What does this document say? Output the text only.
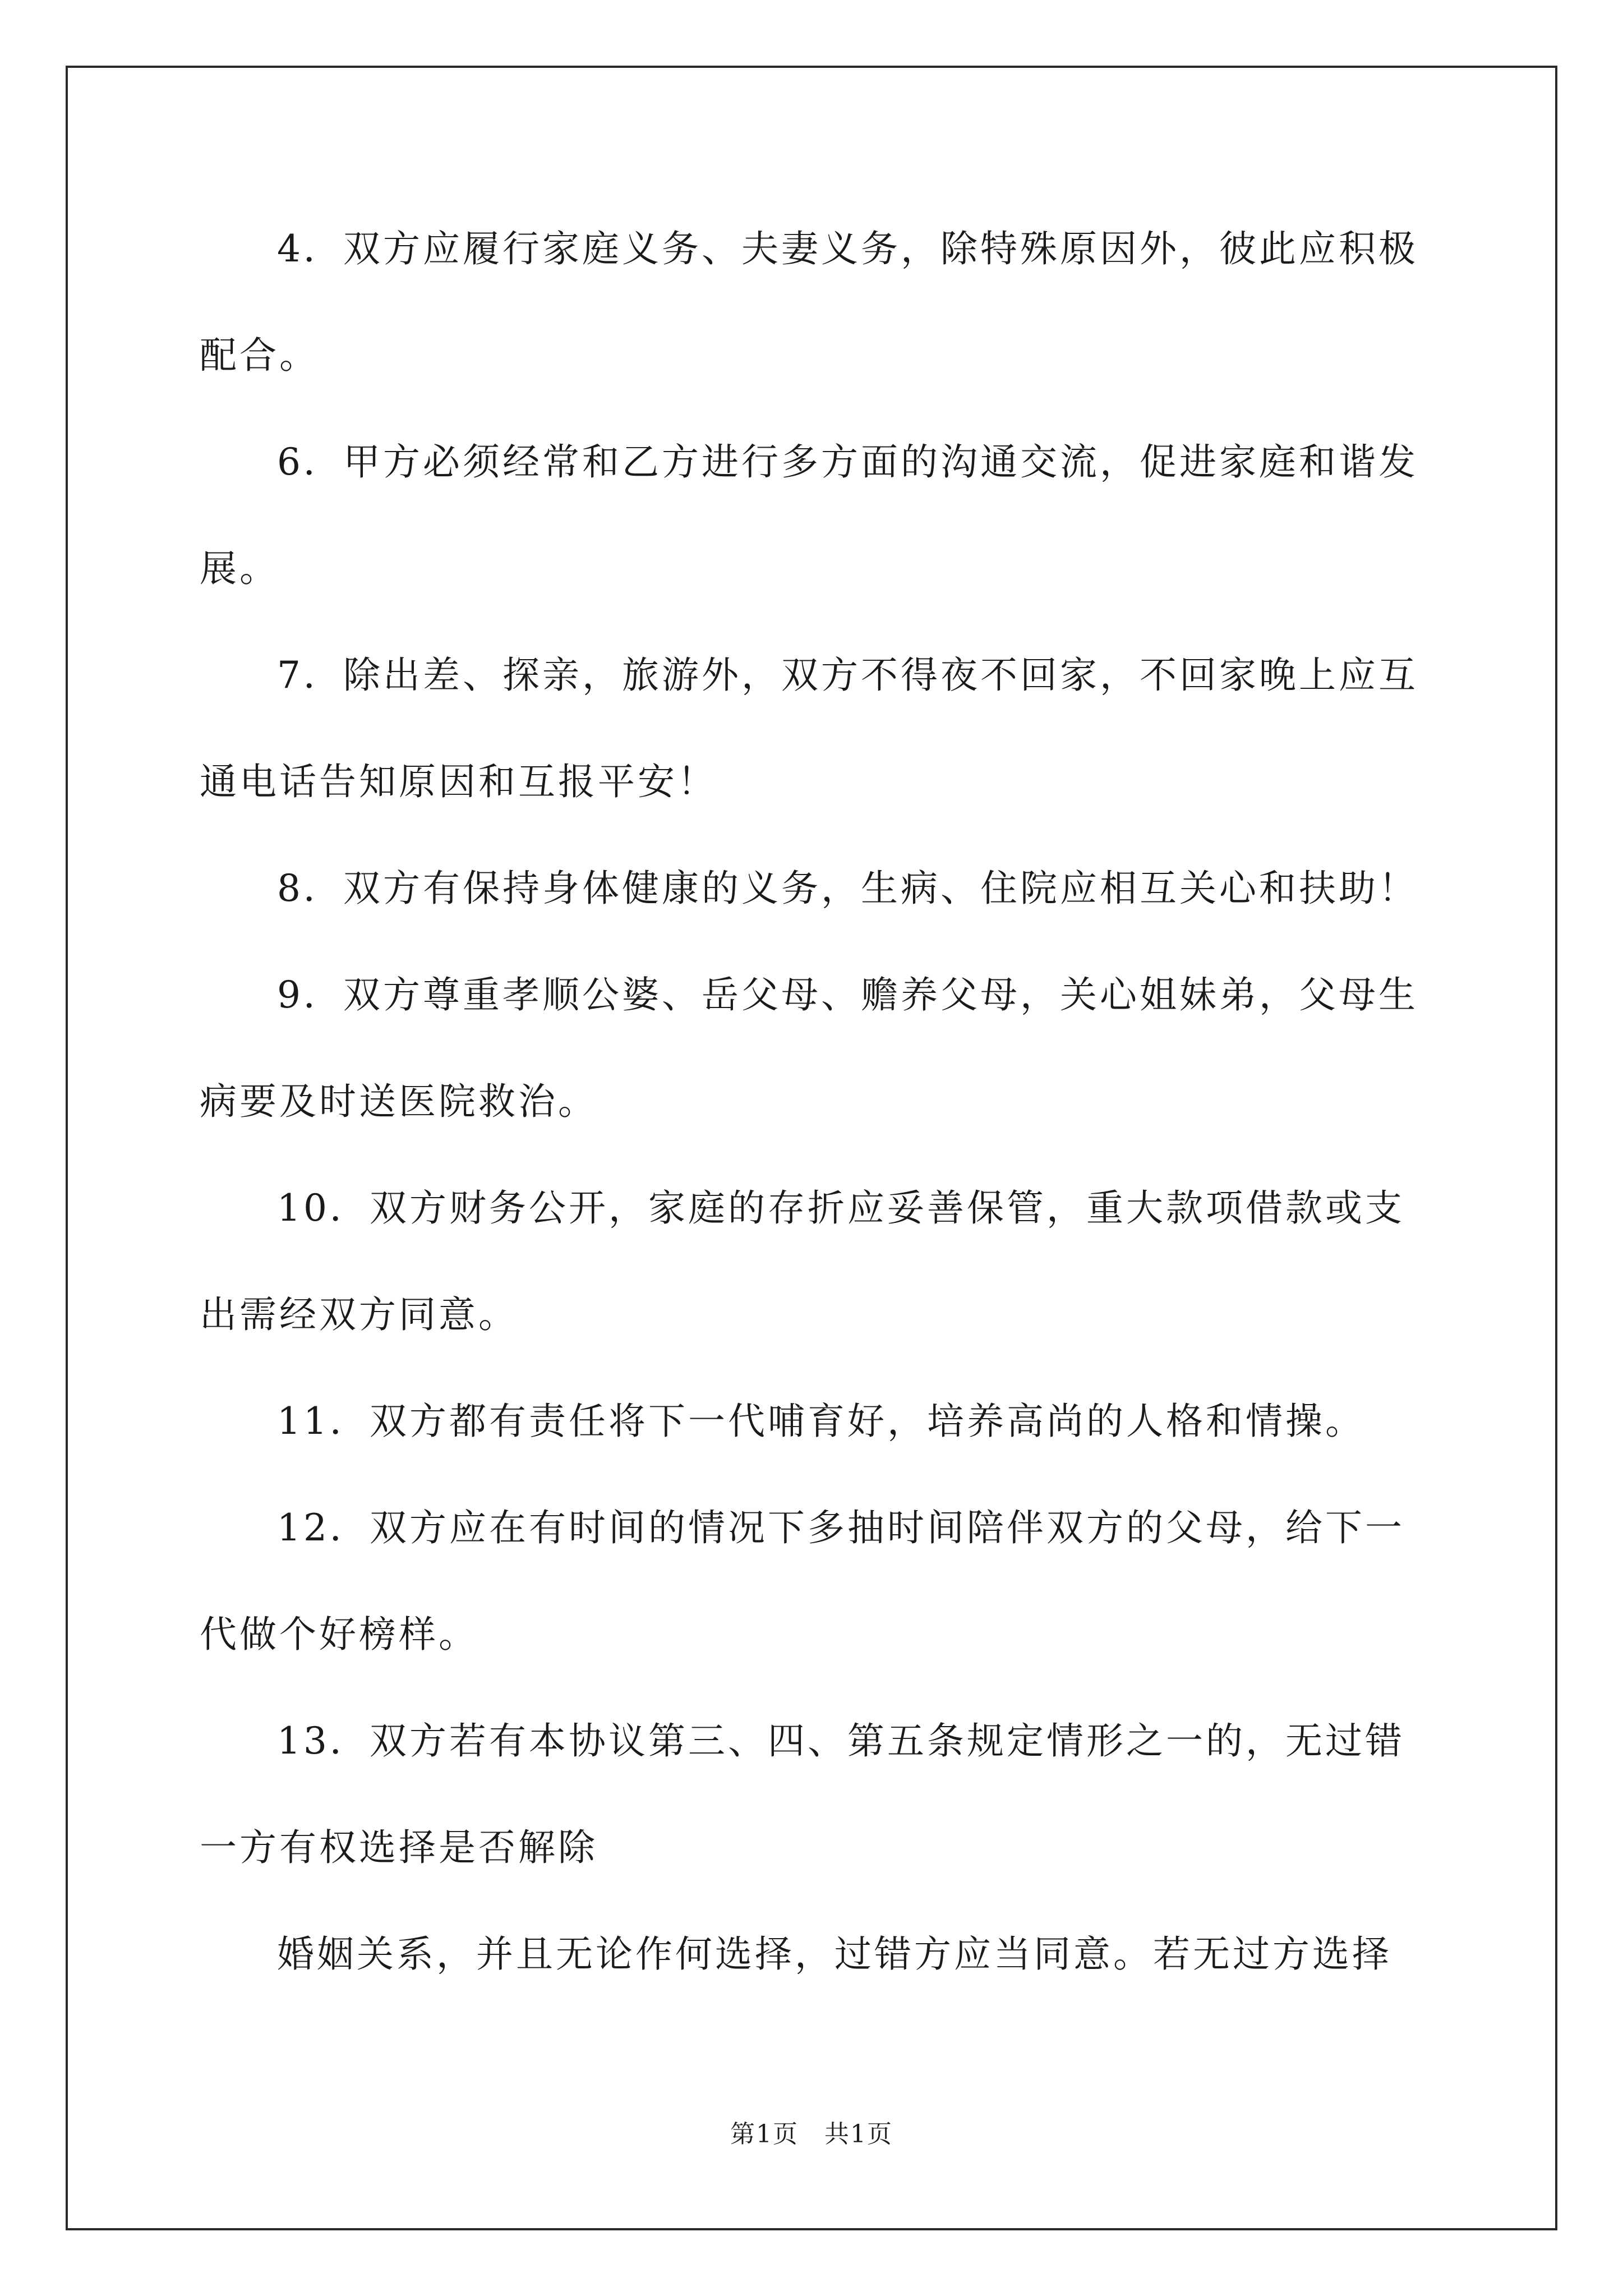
4．双方应履行家庭义务、夫妻义务，除特殊原因外，彼此应积极
配合。
6．甲方必须经常和乙方进行多方面的沟通交流，促进家庭和谐发
展。
7．除出差、探亲，旅游外，双方不得夜不回家，不回家晚上应互
通电话告知原因和互报平安！
8．双方有保持身体健康的义务，生病、住院应相互关心和扶助！
9．双方尊重孝顺公婆、岳父母、赡养父母，关心姐妹弟，父母生
病要及时送医院救治。
10．双方财务公开，家庭的存折应妥善保管，重大款项借款或支
出需经双方同意。
11．双方都有责任将下一代哺育好，培养高尚的人格和情操。
12．双方应在有时间的情况下多抽时间陪伴双方的父母，给下一
代做个好榜样。
13．双方若有本协议第三、四、第五条规定情形之一的，无过错
一方有权选择是否解除
婚姻关系，并且无论作何选择，过错方应当同意。若无过方选择
第1页　共1页
